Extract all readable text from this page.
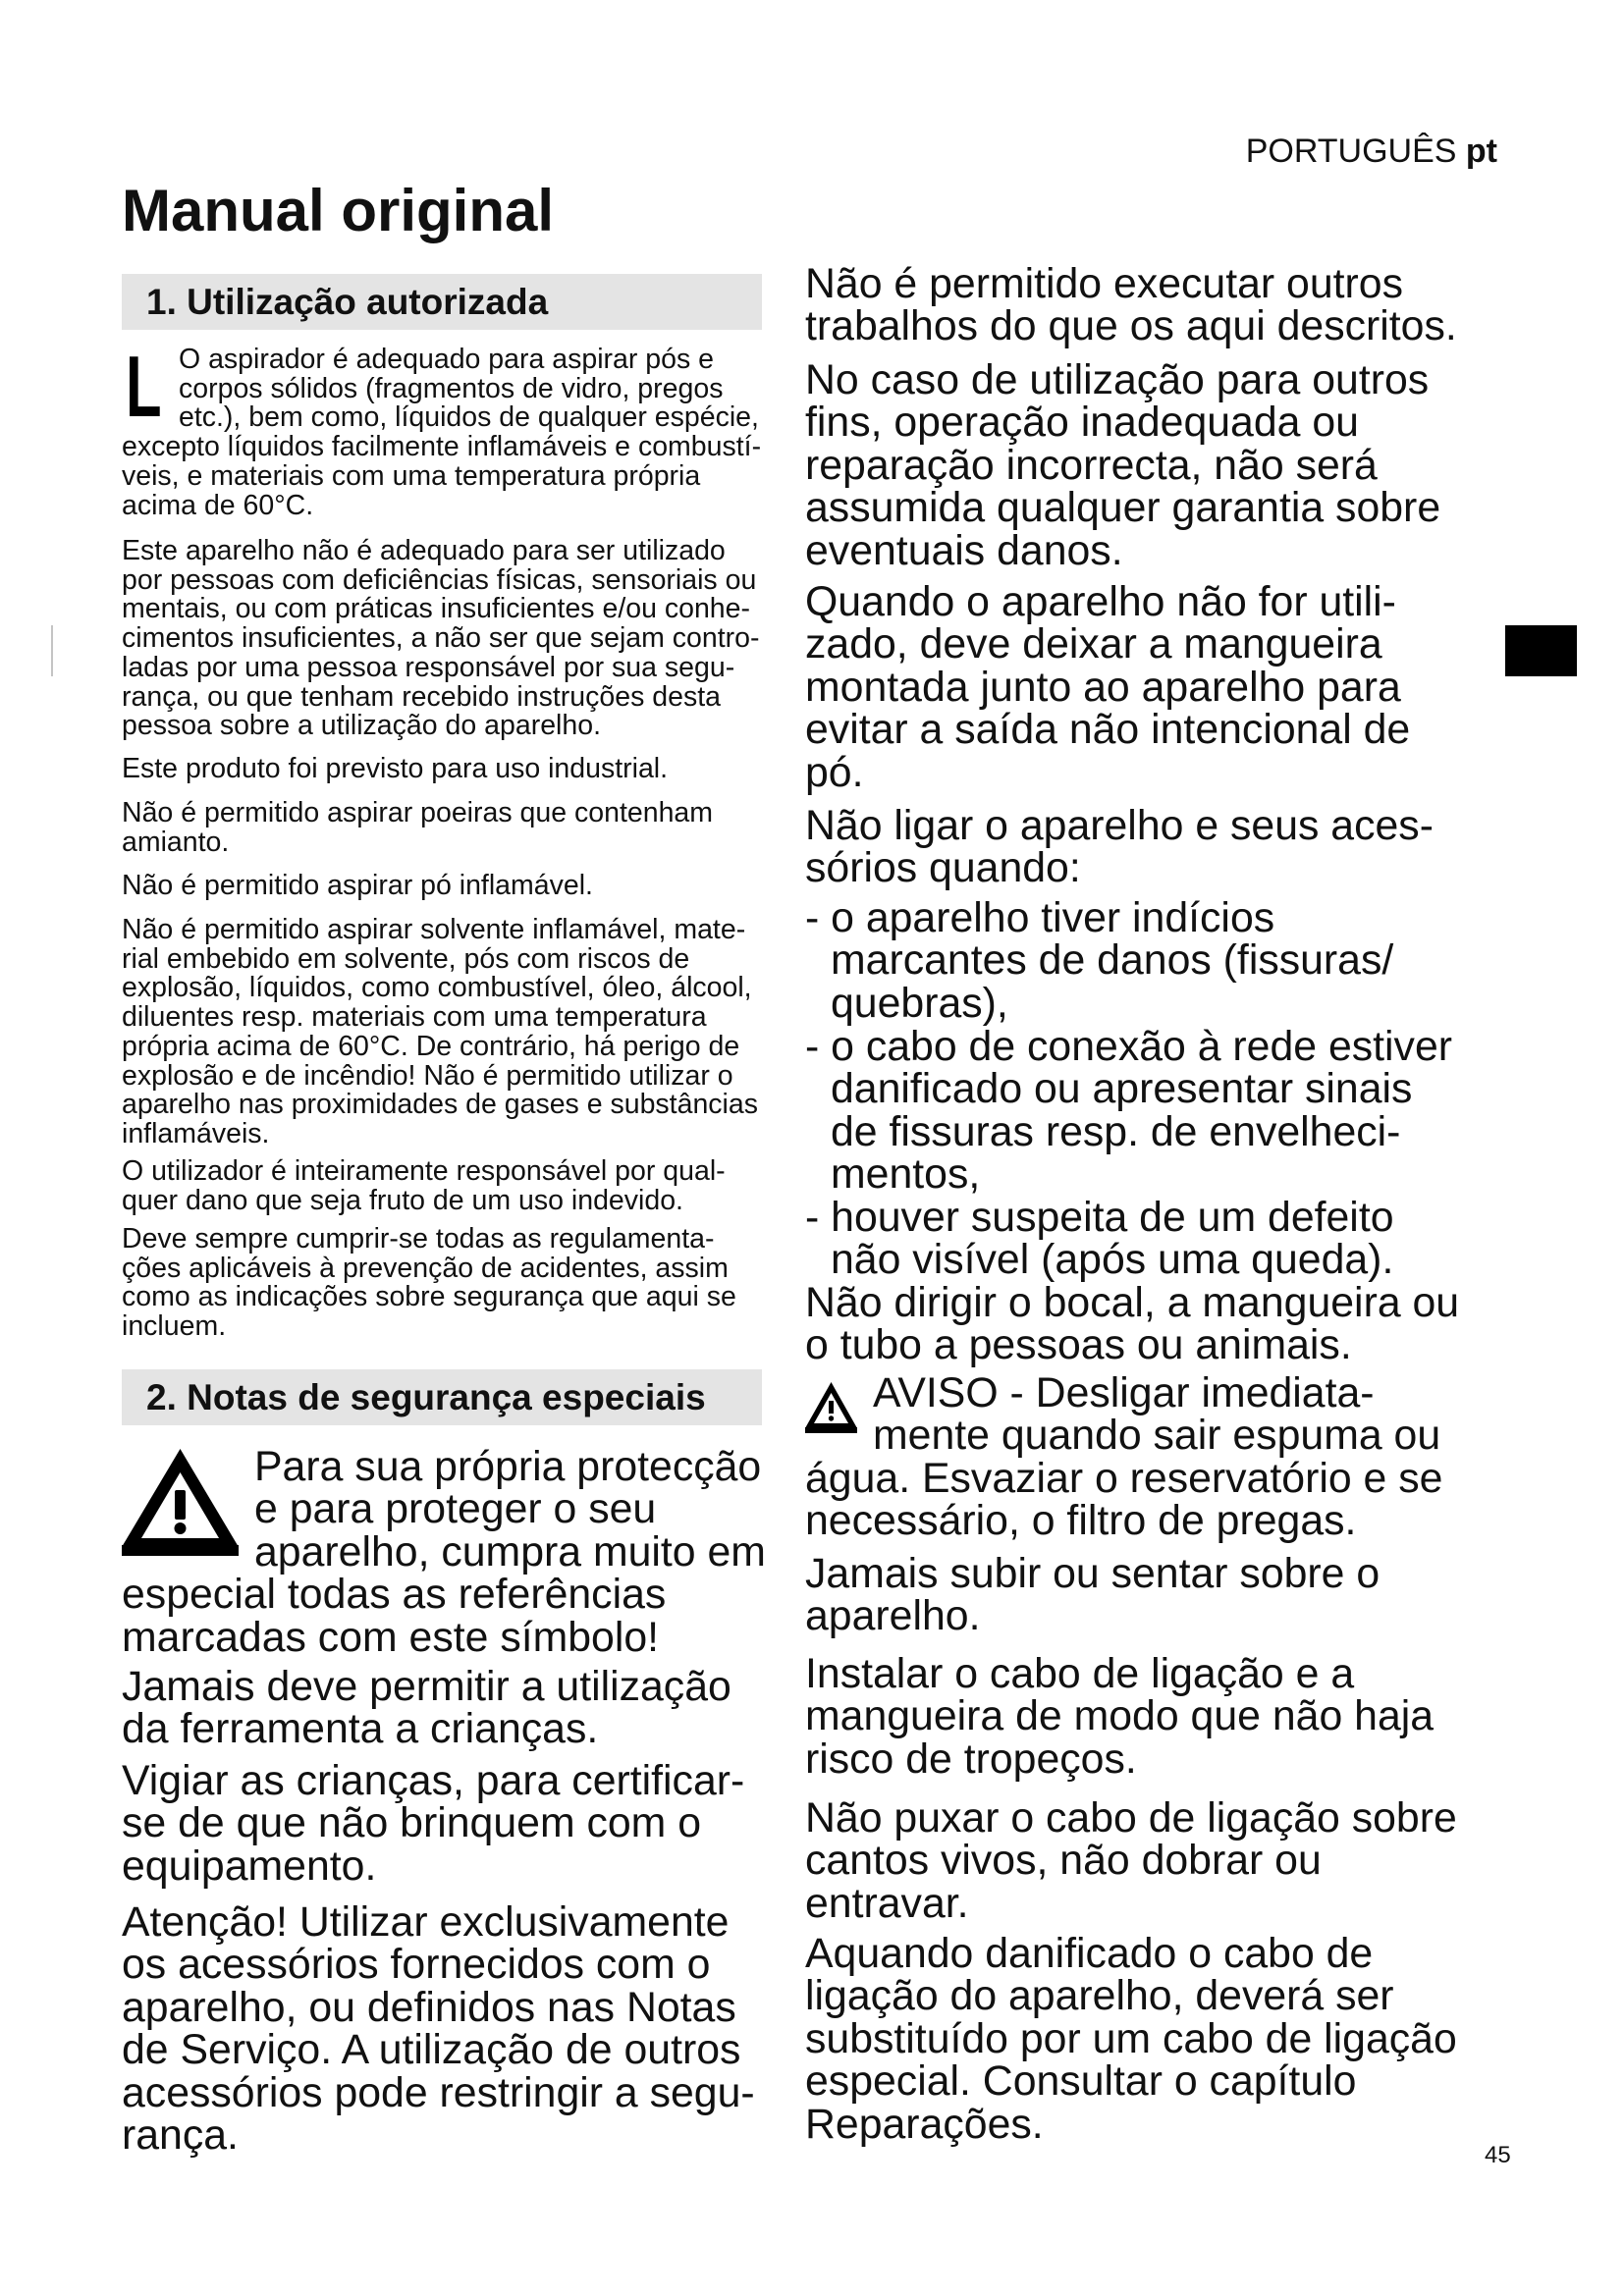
PORTUGUÊS pt
Manual original
1. Utilização autorizada
L O aspirador é adequado para aspirar pós e
corpos sólidos (fragmentos de vidro, pregos
etc.), bem como, líquidos de qualquer espécie,
excepto líquidos facilmente inflamáveis e combustí-
veis, e materiais com uma temperatura própria
acima de 60°C.
Este aparelho não é adequado para ser utilizado
por pessoas com deficiências físicas, sensoriais ou
mentais, ou com práticas insuficientes e/ou conhe-
cimentos insuficientes, a não ser que sejam contro-
ladas por uma pessoa responsável por sua segu-
rança, ou que tenham recebido instruções desta
pessoa sobre a utilização do aparelho.
Este produto foi previsto para uso industrial.
Não é permitido aspirar poeiras que contenham
amianto.
Não é permitido aspirar pó inflamável.
Não é permitido aspirar solvente inflamável, mate-
rial embebido em solvente, pós com riscos de
explosão, líquidos, como combustível, óleo, álcool,
diluentes resp. materiais com uma temperatura
própria acima de 60°C. De contrário, há perigo de
explosão e de incêndio! Não é permitido utilizar o
aparelho nas proximidades de gases e substâncias
inflamáveis.
O utilizador é inteiramente responsável por qual-
quer dano que seja fruto de um uso indevido.
Deve sempre cumprir-se todas as regulamenta-
ções aplicáveis à prevenção de acidentes, assim
como as indicações sobre segurança que aqui se
incluem.
2. Notas de segurança especiais
Para sua própria protecção
e para proteger o seu
aparelho, cumpra muito em
especial todas as referências
marcadas com este símbolo!
Jamais deve permitir a utilização
da ferramenta a crianças.
Vigiar as crianças, para certificar-
se de que não brinquem com o
equipamento.
Atenção! Utilizar exclusivamente
os acessórios fornecidos com o
aparelho, ou definidos nas Notas
de Serviço. A utilização de outros
acessórios pode restringir a segu-
rança.
Não é permitido executar outros
trabalhos do que os aqui descritos.
No caso de utilização para outros
fins, operação inadequada ou
reparação incorrecta, não será
assumida qualquer garantia sobre
eventuais danos.
Quando o aparelho não for utili-
zado, deve deixar a mangueira
montada junto ao aparelho para
evitar a saída não intencional de
pó.
Não ligar o aparelho e seus aces-
sórios quando:
- o aparelho tiver indícios
marcantes de danos (fissuras/
quebras),
- o cabo de conexão à rede estiver
danificado ou apresentar sinais
de fissuras resp. de envelheci-
mentos,
- houver suspeita de um defeito
não visível (após uma queda).
Não dirigir o bocal, a mangueira ou
o tubo a pessoas ou animais.
AVISO - Desligar imediata-
mente quando sair espuma ou
água. Esvaziar o reservatório e se
necessário, o filtro de pregas.
Jamais subir ou sentar sobre o
aparelho.
Instalar o cabo de ligação e a
mangueira de modo que não haja
risco de tropeços.
Não puxar o cabo de ligação sobre
cantos vivos, não dobrar ou
entravar.
Aquando danificado o cabo de
ligação do aparelho, deverá ser
substituído por um cabo de ligação
especial. Consultar o capítulo
Reparações.
45
